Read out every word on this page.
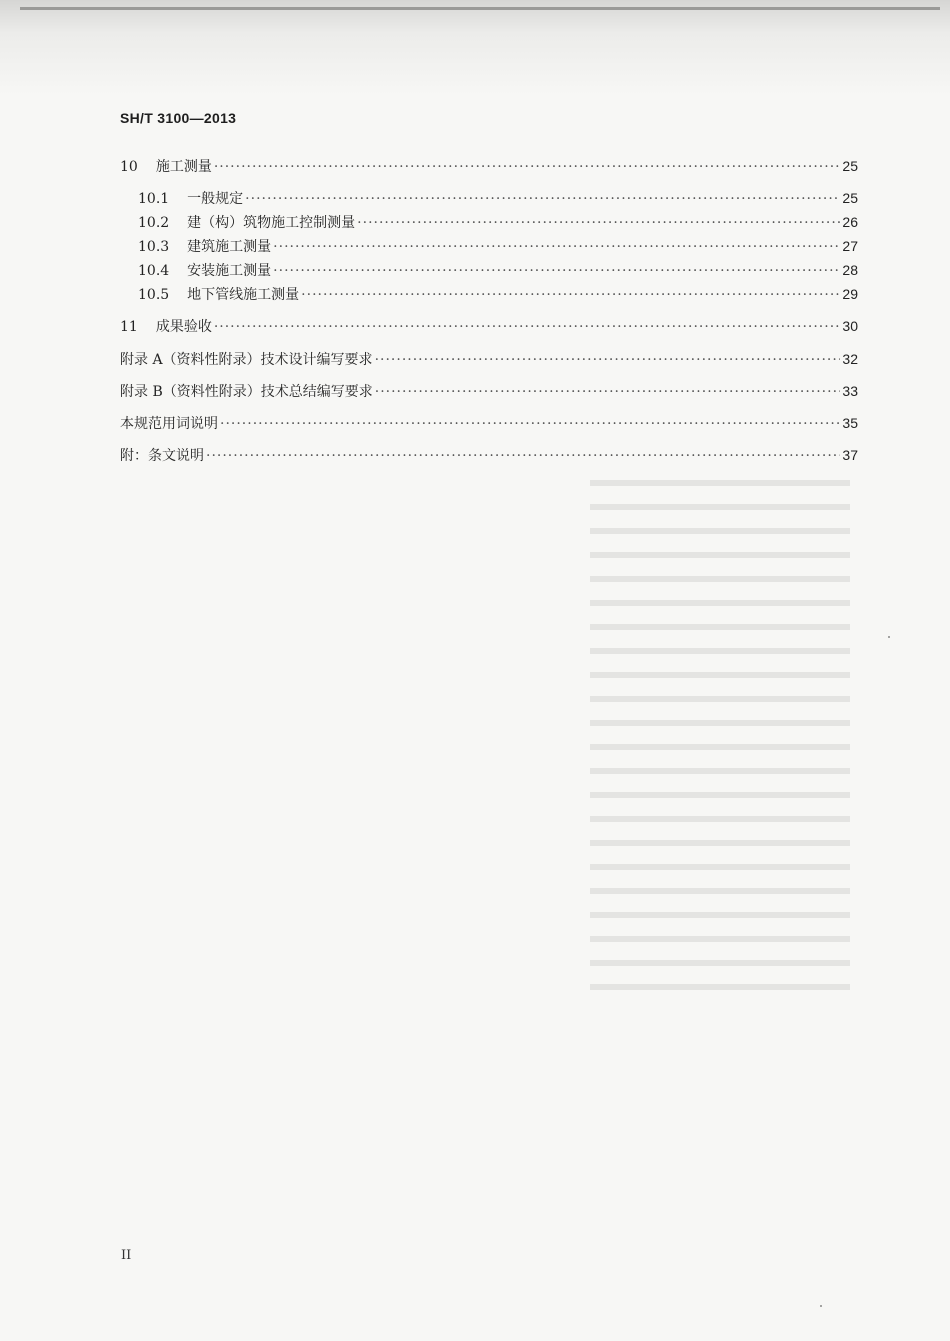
SH/T 3100—2013
10	施工测量 ·····	25
10.1	一般规定 ·····	25
10.2	建（构）筑物施工控制测量 ·····	26
10.3	建筑施工测量 ·····	27
10.4	安装施工测量 ·····	28
10.5	地下管线施工测量 ·····	29
11	成果验收 ·····	30
附录 A（资料性附录）技术设计编写要求 ·····	32
附录 B（资料性附录）技术总结编写要求 ·····	33
本规范用词说明 ·····	35
附：条文说明 ·····	37
II
